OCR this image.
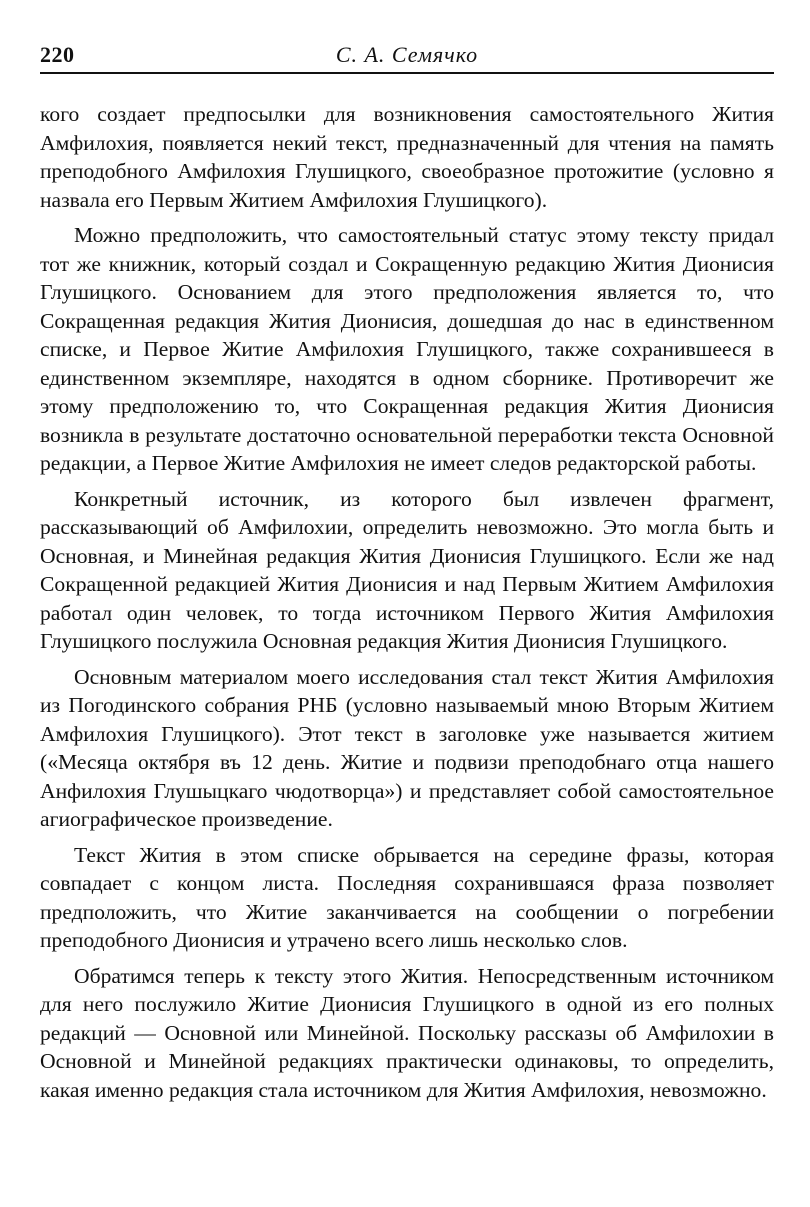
220	С. А. Семячко

кого создает предпосылки для возникновения самостоятельного Жития Амфилохия, появляется некий текст, предназначенный для чтения на память преподобного Амфилохия Глушицкого, своеобразное протожитие (условно я назвала его Первым Житием Амфилохия Глушицкого).

Можно предположить, что самостоятельный статус этому тексту придал тот же книжник, который создал и Сокращенную редакцию Жития Дионисия Глушицкого. Основанием для этого предположения является то, что Сокращенная редакция Жития Дионисия, дошедшая до нас в единственном списке, и Первое Житие Амфилохия Глушицкого, также сохранившееся в единственном экземпляре, находятся в одном сборнике. Противоречит же этому предположению то, что Сокращенная редакция Жития Дионисия возникла в результате достаточно основательной переработки текста Основной редакции, а Первое Житие Амфилохия не имеет следов редакторской работы.

Конкретный источник, из которого был извлечен фрагмент, рассказывающий об Амфилохии, определить невозможно. Это могла быть и Основная, и Минейная редакция Жития Дионисия Глушицкого. Если же над Сокращенной редакцией Жития Дионисия и над Первым Житием Амфилохия работал один человек, то тогда источником Первого Жития Амфилохия Глушицкого послужила Основная редакция Жития Дионисия Глушицкого.

Основным материалом моего исследования стал текст Жития Амфилохия из Погодинского собрания РНБ (условно называемый мною Вторым Житием Амфилохия Глушицкого). Этот текст в заголовке уже называется житием («Месяца октября въ 12 день. Житие и подвизи преподобнаго отца нашего Анфилохия Глушыцкаго чюдотворца») и представляет собой самостоятельное агиографическое произведение.

Текст Жития в этом списке обрывается на середине фразы, которая совпадает с концом листа. Последняя сохранившаяся фраза позволяет предположить, что Житие заканчивается на сообщении о погребении преподобного Дионисия и утрачено всего лишь несколько слов.

Обратимся теперь к тексту этого Жития. Непосредственным источником для него послужило Житие Дионисия Глушицкого в одной из его полных редакций — Основной или Минейной. Поскольку рассказы об Амфилохии в Основной и Минейной редакциях практически одинаковы, то определить, какая именно редакция стала источником для Жития Амфилохия, невозможно.
